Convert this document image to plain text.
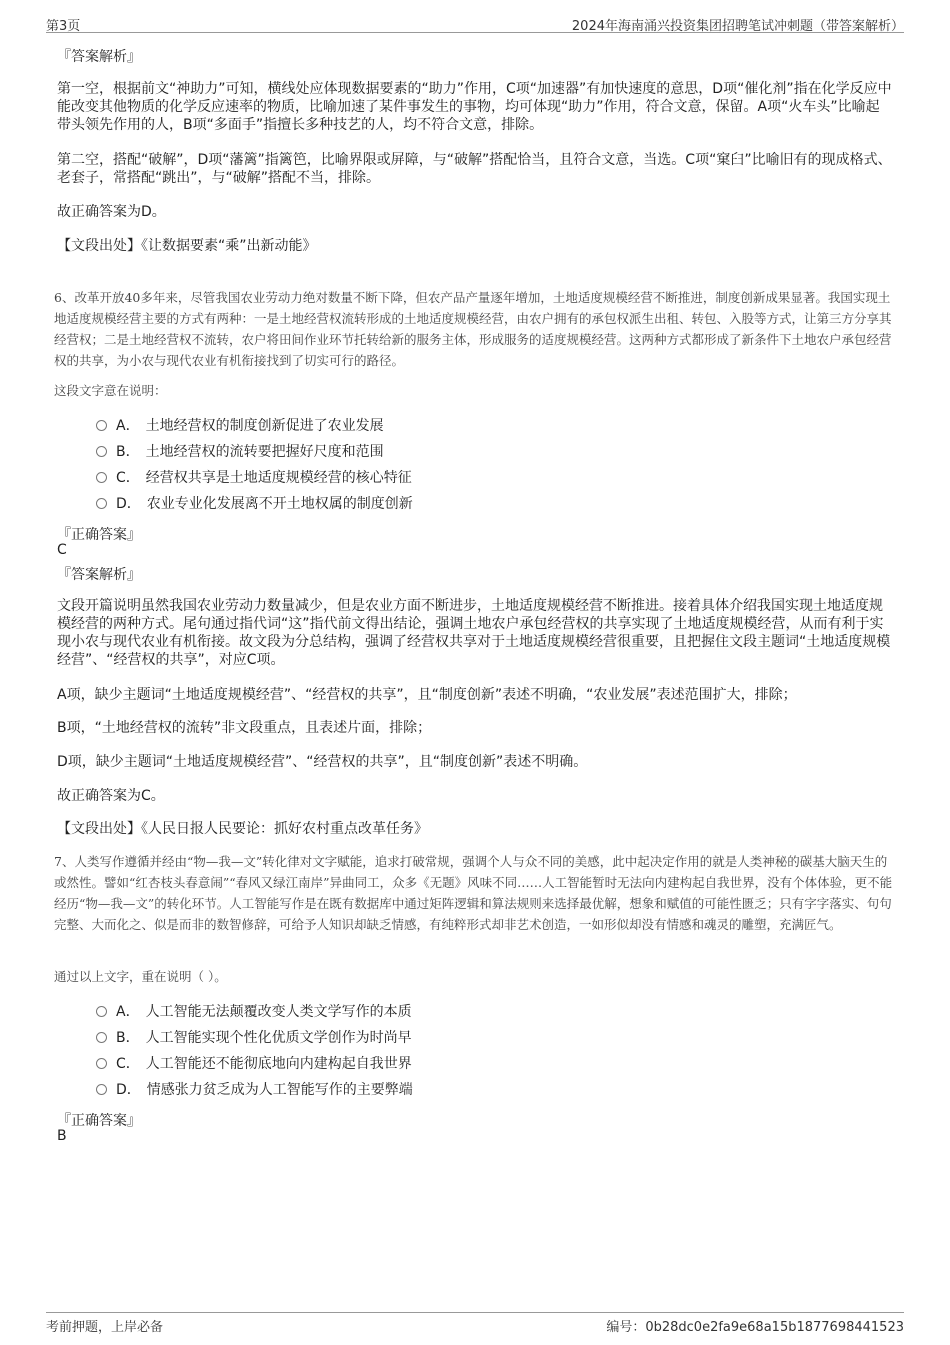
第3页	2024年海南涌兴投资集团招聘笔试冲刺题（带答案解析）

『答案解析』

第一空，根据前文“神助力”可知，横线处应体现数据要素的“助力”作用，C项“加速器”有加快速度的意思，D项“催化剂”指在化学反应中能改变其他物质的化学反应速率的物质，比喻加速了某件事发生的事物，均可体现“助力”作用，符合文意，保留。A项“火车头”比喻起带头领先作用的人，B项“多面手”指擅长多种技艺的人，均不符合文意，排除。

第二空，搭配“破解”，D项“藩篱”指篱笆，比喻界限或屏障，与“破解”搭配恰当，且符合文意，当选。C项“窠臼”比喻旧有的现成格式、老套子，常搭配“跳出”，与“破解”搭配不当，排除。

故正确答案为D。

【文段出处】《让数据要素“乘”出新动能》

6、改革开放40多年来，尽管我国农业劳动力绝对数量不断下降，但农产品产量逐年增加，土地适度规模经营不断推进，制度创新成果显著。我国实现土地适度规模经营主要的方式有两种：一是土地经营权流转形成的土地适度规模经营，由农户拥有的承包权派生出租、转包、入股等方式，让第三方分享其经营权；二是土地经营权不流转，农户将田间作业环节托转给新的服务主体，形成服务的适度规模经营。这两种方式都形成了新条件下土地农户承包经营权的共享，为小农与现代农业有机衔接找到了切实可行的路径。

这段文字意在说明：

A． 土地经营权的制度创新促进了农业发展
B． 土地经营权的流转要把握好尺度和范围
C． 经营权共享是土地适度规模经营的核心特征
D． 农业专业化发展离不开土地权属的制度创新
『正确答案』
C
『答案解析』

文段开篇说明虽然我国农业劳动力数量减少，但是农业方面不断进步，土地适度规模经营不断推进。接着具体介绍我国实现土地适度规模经营的两种方式。尾句通过指代词“这”指代前文得出结论，强调土地农户承包经营权的共享实现了土地适度规模经营，从而有利于实现小农与现代农业有机衔接。故文段为分总结构，强调了经营权共享对于土地适度规模经营很重要，且把握住文段主题词“土地适度规模经营”、“经营权的共享”，对应C项。

A项，缺少主题词“土地适度规模经营”、“经营权的共享”，且“制度创新”表述不明确，“农业发展”表述范围扩大，排除；

B项，“土地经营权的流转”非文段重点，且表述片面，排除；

D项，缺少主题词“土地适度规模经营”、“经营权的共享”，且“制度创新”表述不明确。

故正确答案为C。

【文段出处】《人民日报人民要论：抓好农村重点改革任务》

7、人类写作遵循并经由“物—我—文”转化律对文字赋能，追求打破常规，强调个人与众不同的美感，此中起决定作用的就是人类神秘的碳基大脑天生的或然性。譬如“红杏枝头春意闹”“春风又绿江南岸”异曲同工，众多《无题》风味不同……人工智能暂时无法向内建构起自我世界，没有个体体验，更不能经历“物—我—文”的转化环节。人工智能写作是在既有数据库中通过矩阵逻辑和算法规则来选择最优解，想象和赋值的可能性匮乏；只有字字落实、句句完整、大而化之、似是而非的数智修辞，可给予人知识却缺乏情感，有纯粹形式却非艺术创造，一如形似却没有情感和魂灵的雕塑，充满匠气。

通过以上文字，重在说明（ ）。

A． 人工智能无法颠覆改变人类文学写作的本质
B． 人工智能实现个性化优质文学创作为时尚早
C． 人工智能还不能彻底地向内建构起自我世界
D． 情感张力贫乏成为人工智能写作的主要弊端
『正确答案』
B
考前押题，上岸必备	编号：0b28dc0e2fa9e68a15b1877698441523
